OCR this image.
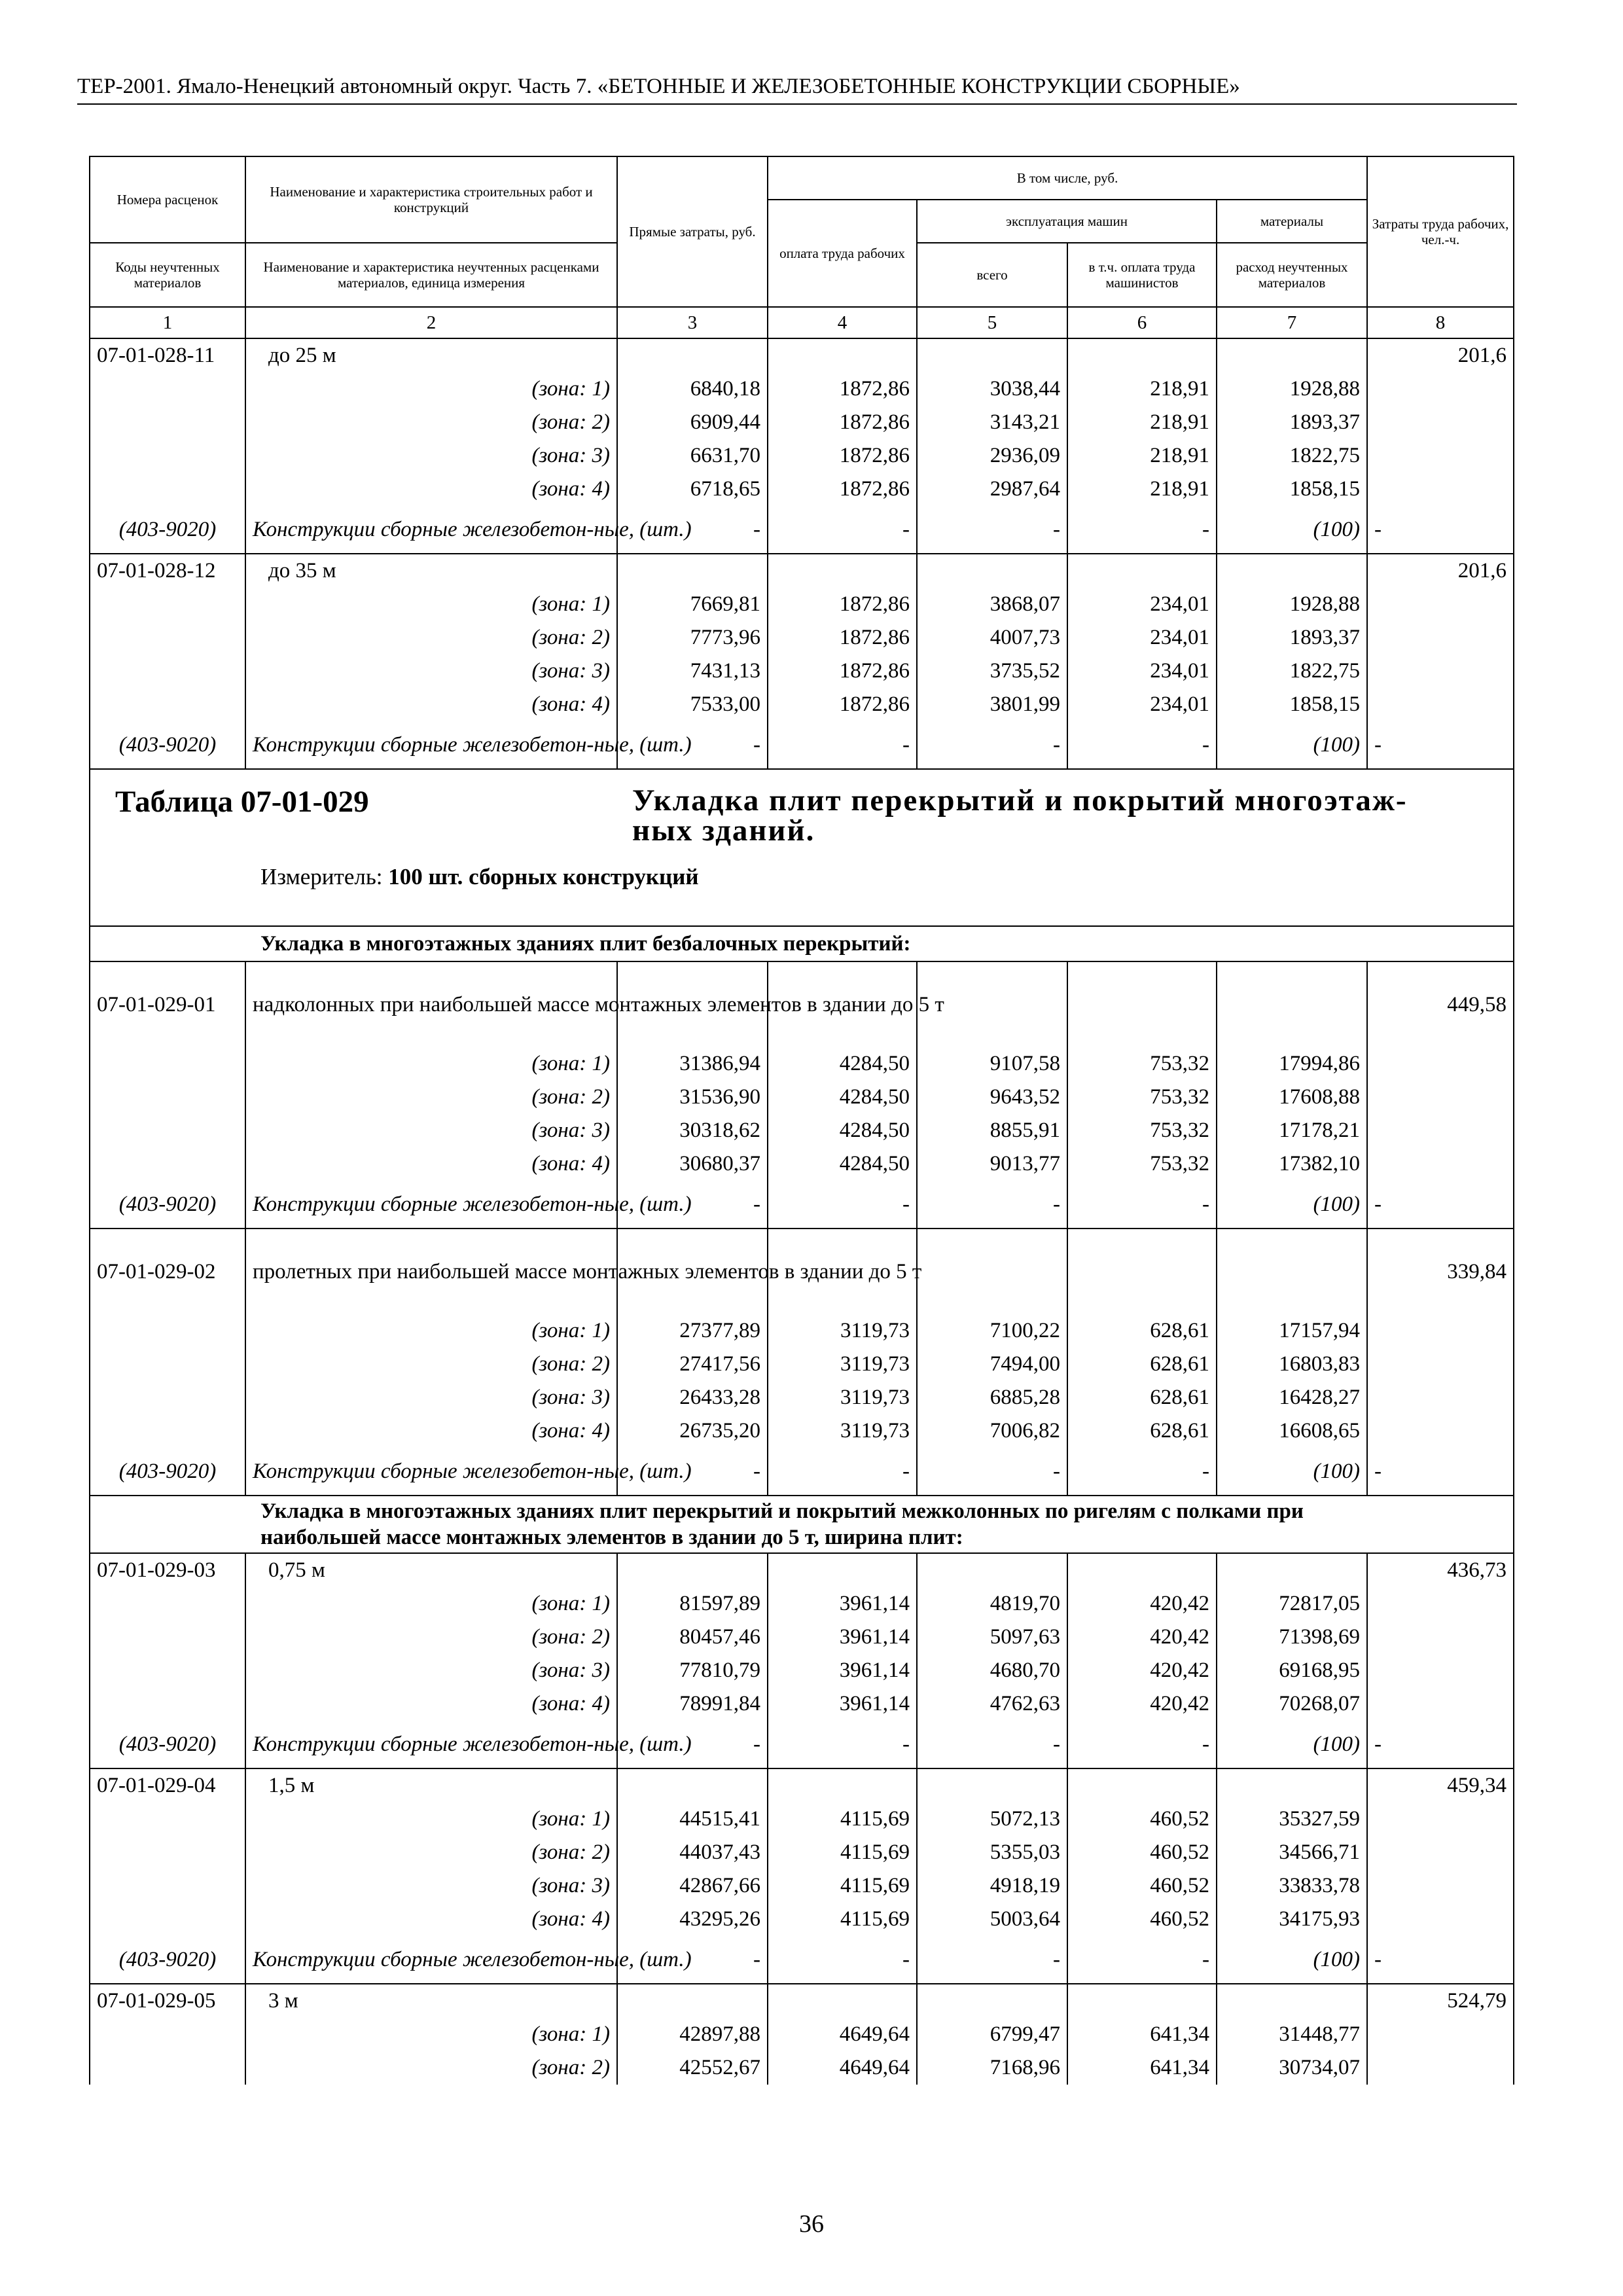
ТЕР-2001. Ямало-Ненецкий автономный округ. Часть 7. «БЕТОННЫЕ И ЖЕЛЕЗОБЕТОННЫЕ КОНСТРУКЦИИ СБОРНЫЕ»
Номера расценок	Наименование и характеристика строительных работ и конструкций	Прямые затраты, руб.	В том числе, руб.				Затраты труда рабочих, чел.-ч.
			оплата труда рабочих	эксплуатация машин		материалы	
Коды неучтенных материалов	Наименование и характеристика неучтенных расценками материалов, единица измерения			всего	в т.ч. оплата труда машинистов	расход неучтенных материалов	
1	2	3	4	5	6	7	8
07-01-028-11	до 25 м						201,6
	(зона: 1)	6840,18	1872,86	3038,44	218,91	1928,88	
	(зона: 2)	6909,44	1872,86	3143,21	218,91	1893,37	
	(зона: 3)	6631,70	1872,86	2936,09	218,91	1822,75	
	(зона: 4)	6718,65	1872,86	2987,64	218,91	1858,15	
(403-9020)	Конструкции сборные железобетон-ные, (шт.)	-	-	-	-	(100)	-
07-01-028-12	до 35 м						201,6
	(зона: 1)	7669,81	1872,86	3868,07	234,01	1928,88	
	(зона: 2)	7773,96	1872,86	4007,73	234,01	1893,37	
	(зона: 3)	7431,13	1872,86	3735,52	234,01	1822,75	
	(зона: 4)	7533,00	1872,86	3801,99	234,01	1858,15	
(403-9020)	Конструкции сборные железобетон-ные, (шт.)	-	-	-	-	(100)	-
Таблица 07-01-029 Укладка плит перекрытий и покрытий многоэтаж-ных зданий.
Измеритель: 100 шт. сборных конструкций							

Укладка в многоэтажных зданиях плит безбалочных перекрытий:							
07-01-029-01	надколонных при наибольшей массе монтажных элементов в здании до 5 т						449,58
	(зона: 1)	31386,94	4284,50	9107,58	753,32	17994,86	
	(зона: 2)	31536,90	4284,50	9643,52	753,32	17608,88	
	(зона: 3)	30318,62	4284,50	8855,91	753,32	17178,21	
	(зона: 4)	30680,37	4284,50	9013,77	753,32	17382,10	
(403-9020)	Конструкции сборные железобетон-ные, (шт.)	-	-	-	-	(100)	-
07-01-029-02	пролетных при наибольшей массе монтажных элементов в здании до 5 т						339,84
	(зона: 1)	27377,89	3119,73	7100,22	628,61	17157,94	
	(зона: 2)	27417,56	3119,73	7494,00	628,61	16803,83	
	(зона: 3)	26433,28	3119,73	6885,28	628,61	16428,27	
	(зона: 4)	26735,20	3119,73	7006,82	628,61	16608,65	
(403-9020)	Конструкции сборные железобетон-ные, (шт.)	-	-	-	-	(100)	-
Укладка в многоэтажных зданиях плит перекрытий и покрытий межколонных по ригелям с полками при наибольшей массе монтажных элементов в здании до 5 т, ширина плит:							
07-01-029-03	0,75 м						436,73
	(зона: 1)	81597,89	3961,14	4819,70	420,42	72817,05	
	(зона: 2)	80457,46	3961,14	5097,63	420,42	71398,69	
	(зона: 3)	77810,79	3961,14	4680,70	420,42	69168,95	
	(зона: 4)	78991,84	3961,14	4762,63	420,42	70268,07	
(403-9020)	Конструкции сборные железобетон-ные, (шт.)	-	-	-	-	(100)	-
07-01-029-04	1,5 м						459,34
	(зона: 1)	44515,41	4115,69	5072,13	460,52	35327,59	
	(зона: 2)	44037,43	4115,69	5355,03	460,52	34566,71	
	(зона: 3)	42867,66	4115,69	4918,19	460,52	33833,78	
	(зона: 4)	43295,26	4115,69	5003,64	460,52	34175,93	
(403-9020)	Конструкции сборные железобетон-ные, (шт.)	-	-	-	-	(100)	-
07-01-029-05	3 м						524,79
	(зона: 1)	42897,88	4649,64	6799,47	641,34	31448,77	
	(зона: 2)	42552,67	4649,64	7168,96	641,34	30734,07	
36
